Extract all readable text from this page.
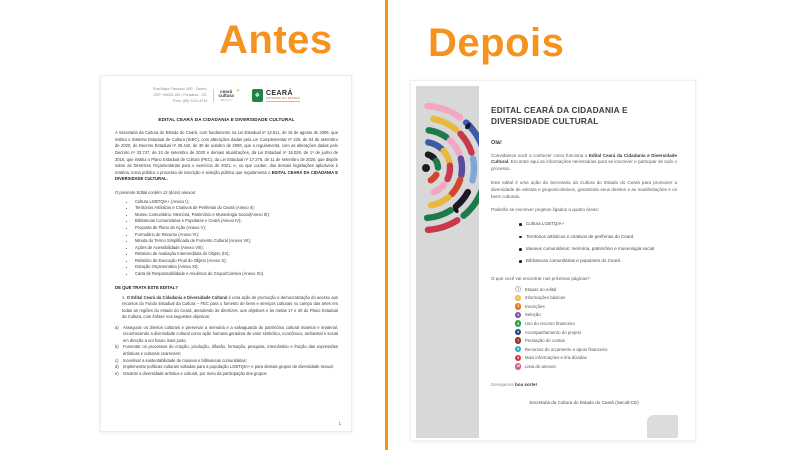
Antes Depois
Rua Major Facundo, 500 - Centro,
CEP: 60025-100 • Fortaleza - CE,
Fone: (85) 3101-6744
✦
ceará
cultura
SECULT
❖ CEARÁ
GOVERNO DO ESTADO
EDITAL CEARÁ DA CIDADANIA E DIVERSIDADE CULTURAL

A Secretaria da Cultura do Estado do Ceará, com fundamento na Lei Estadual nº 13.811, de 16 de agosto de 2006, que institui o Sistema Estadual de Cultura (SIEC), com alterações dadas pela Lei Complementar nº 225, de 04 de setembro de 2020, do Decreto Estadual nº 28.442, de 30 de outubro de 2006, que a regulamenta, com as alterações dadas pelo Decreto nº 33.747, de 24 de setembro de 2020 e demais atualizações, da Lei Estadual nº 16.026, de 1º de junho de 2016, que institui o Plano Estadual de Cultura (PEC), da Lei Estadual nº 17.276, de 11 de setembro de 2020, que dispõe sobre as Diretrizes Orçamentárias para o exercício de 2021, e, no que couber, das demais legislações aplicáveis à matéria, torna público o processo de inscrição e seleção pública que regulamenta o EDITAL CEARÁ DA CIDADANIA E DIVERSIDADE CULTURAL.

O presente Edital contém 12 (doze) anexos:
• Cultura LGBTQIA+ (Anexo I);
• Territórios Artísticos e Criativos de Periferias do Ceará (Anexo II);
• Museu Comunitário: Memória, Patrimônio e Museologia Social(Anexo III);
• Bibliotecas Comunitárias e Populares e Ceará (Anexo IV);
• Proposta de Plano de Ação (Anexo V);
• Formulário de Recurso (Anexo VI);
• Minuta do Termo Simplificado de Fomento Cultural (Anexo VII);
• Ações de Acessibilidade (Anexo VIII);
• Relatório de Avaliação Intermediária do Objeto (IX);
• Relatório de Execução Final do Objeto (Anexo X);
• Dotação Orçamentária (Anexo XI);
• Carta de Responsabilidade e Anuência do Grupo/Coletivo (Anexo XII).
DE QUE TRATA ESTE EDITAL?

1. O Edital Ceará da Cidadania e Diversidade Cultural é uma ação de promoção e democratização do acesso aos recursos do Fundo Estadual da Cultura – FEC para o fomento de bens e serviços culturais no campo das artes em todas as regiões do estado do Ceará, atendendo às diretrizes, aos objetivos e às metas 17 e 20 do Plano Estadual da Cultura, com ênfase nos seguintes objetivos:

a)	Assegurar os direitos culturais e preservar a memória e a salvaguarda do patrimônio cultural material e imaterial, reconhecendo a diversidade cultural como ação humana geradora de valor simbólico, econômico, ambiental e social em direção a um futuro mais justo;
b)	Fomentar os processos de criação, produção, difusão, formação, pesquisa, intercâmbio e fruição das expressões artísticas e culturais cearenses;
c)	Incentivar a sustentabilidade de museus e bibliotecas comunitárias;
d)	Implementar políticas culturais voltadas para a população LGBTQIA+ e para demais grupos de diversidade sexual;
e)	Garantir a diversidade artística e cultural, por meio da participação dos grupos
1
EDITAL CEARÁ DA CIDADANIA E
DIVERSIDADE CULTURAL
Olá!

Convidamos você a conhecer como funciona o Edital Ceará da Cidadania e Diversidade Cultural. Encontre aqui as informações necessárias para se inscrever e participar de todo o processo.

Este edital é uma ação da Secretaria da Cultura do Estado do Ceará para promover a diversidade de artistas e grupos/coletivos, garantindo seus direitos e as manifestações e os bens culturais.

Poderão se inscrever projetos ligados a quatro áreas:

Cultura LGBTQIA+
Territórios artísticos e criativos de periferias do Ceará
Museus comunitários: memória, patrimônio e museologia social
Bibliotecas comunitárias e populares do Ceará
O que você vai encontrar nas próximas páginas?
1	Etapas do edital
2	Informações básicas
3	Inscrições
4	Seleção
5	Uso do recurso financeiro
6	Acompanhamento do projeto
7	Prestação de contas
8	Recursos do orçamento e apoio financeiro
9	Mais informações e tira-dúvidas
10 Lista de anexos
Desejamos boa sorte!
Secretaria da Cultura do Estado do Ceará (Secult-CE)
